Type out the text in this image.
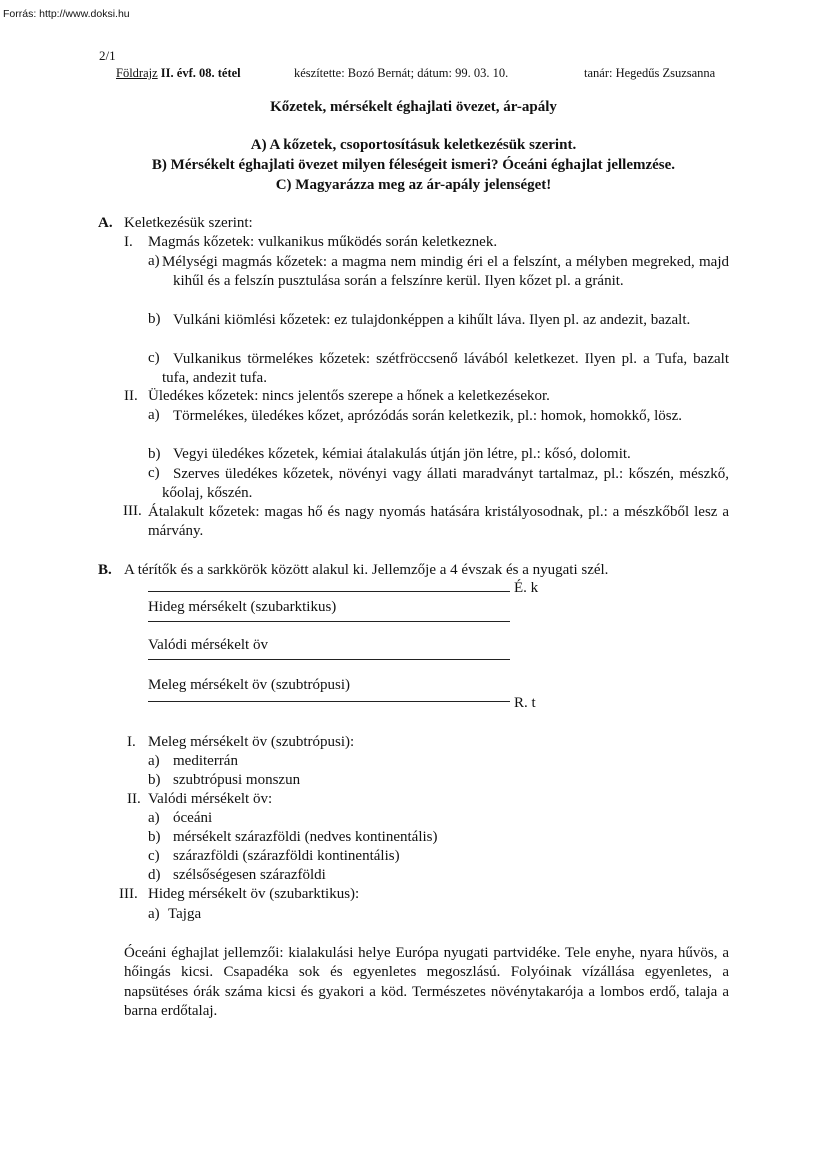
Forrás: http://www.doksi.hu
2/1
Földrajz II. évf. 08. tétel	készítette: Bozó Bernát; dátum: 99. 03. 10.	tanár: Hegedűs Zsuzsanna
Kőzetek, mérsékelt éghajlati övezet, ár-apály
A) A kőzetek, csoportosításuk keletkezésük szerint.
B) Mérsékelt éghajlati övezet milyen féleségeit ismeri? Óceáni éghajlat jellemzése.
C) Magyarázza meg az ár-apály jelenséget!
A. Keletkezésük szerint:
I. Magmás kőzetek: vulkanikus működés során keletkeznek.
a) Mélységi magmás kőzetek: a magma nem mindig éri el a felszínt, a mélyben megreked, majd kihűl és a felszín pusztulása során a felszínre kerül. Ilyen kőzet pl. a gránit.
b) Vulkáni kiömlési kőzetek: ez tulajdonképpen a kihűlt láva. Ilyen pl. az andezit, bazalt.
c) Vulkanikus törmelékes kőzetek: szétfröccsenő lávából keletkezet. Ilyen pl. a Tufa, bazalt tufa, andezit tufa.
II. Üledékes kőzetek: nincs jelentős szerepe a hőnek a keletkezésekor.
a) Törmelékes, üledékes kőzet, aprózódás során keletkezik, pl.: homok, homokkő, lösz.
b) Vegyi üledékes kőzetek, kémiai átalakulás útján jön létre, pl.: kősó, dolomit.
c) Szerves üledékes kőzetek, növényi vagy állati maradványt tartalmaz, pl.: kőszén, mészkő, kőolaj, kőszén.
III. Átalakult kőzetek: magas hő és nagy nyomás hatására kristályosodnak, pl.: a mészkőből lesz a márvány.
B. A térítők és a sarkkörök között alakul ki. Jellemzője a 4 évszak és a nyugati szél.
É. k
Hideg mérsékelt (szubarktikus)
Valódi mérsékelt öv
Meleg mérsékelt öv (szubtrópusi)
R. t
I. Meleg mérsékelt öv (szubtrópusi):
a) mediterrán
b) szubtrópusi monszun
II. Valódi mérsékelt öv:
a) óceáni
b) mérsékelt szárazföldi (nedves kontinentális)
c) szárazföldi (szárazföldi kontinentális)
d) szélsőségesen szárazföldi
III. Hideg mérsékelt öv (szubarktikus):
a) Tajga
Óceáni éghajlat jellemzői: kialakulási helye Európa nyugati partvidéke. Tele enyhe, nyara hűvös, a hőingás kicsi. Csapadéka sok és egyenletes megoszlású. Folyóinak vízállása egyenletes, a napsütéses órák száma kicsi és gyakori a köd. Természetes növénytakarója a lombos erdő, talaja a barna erdőtalaj.
